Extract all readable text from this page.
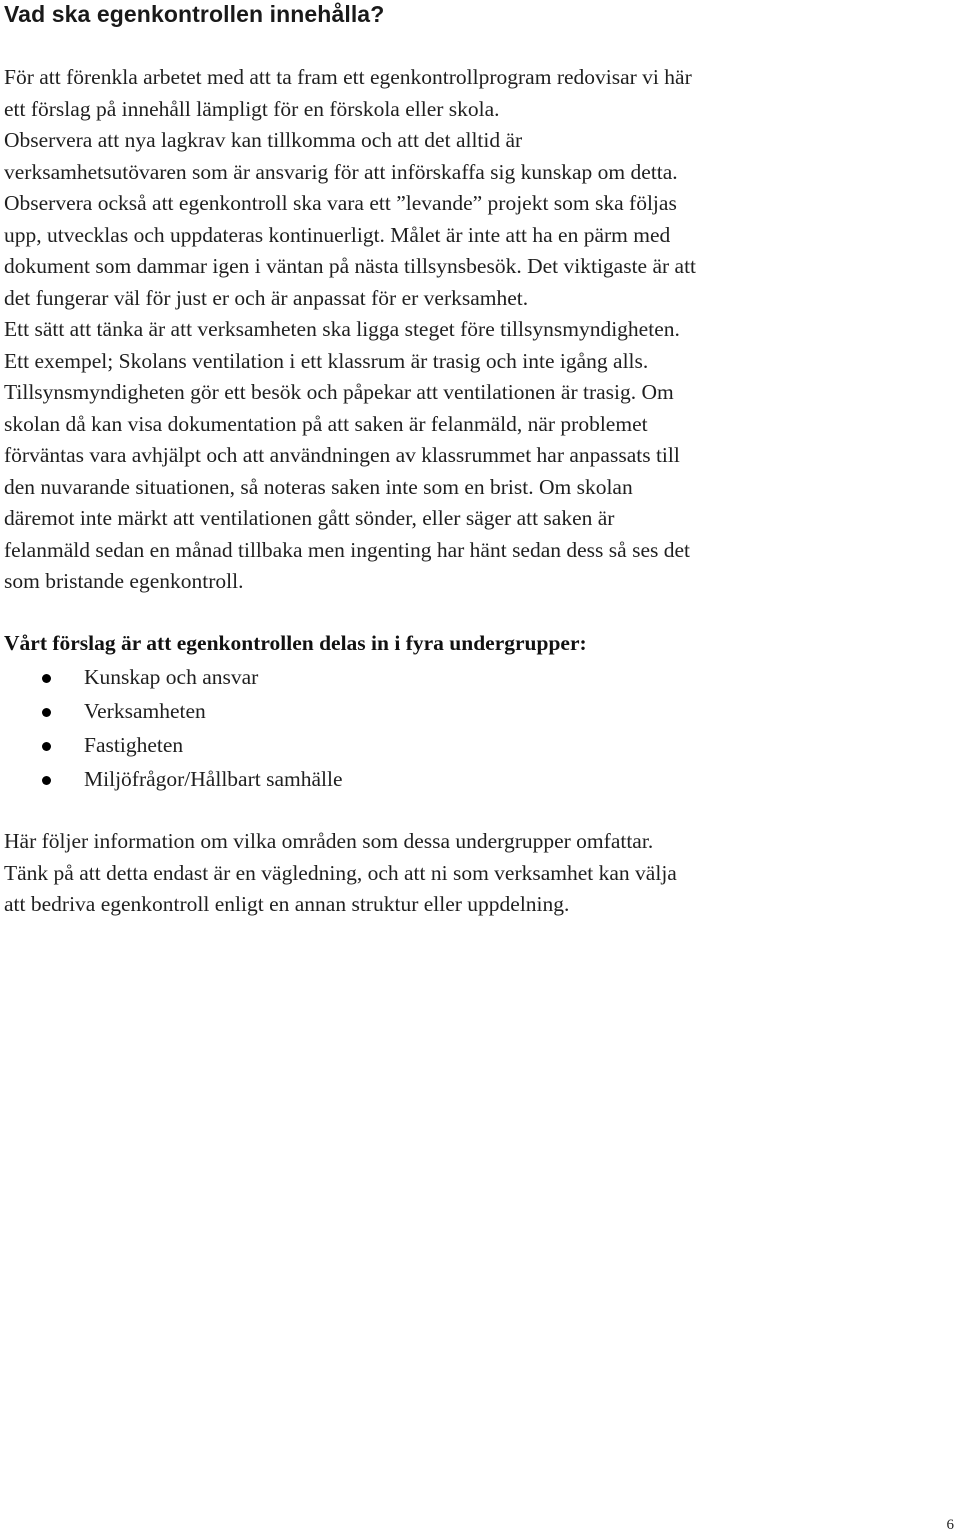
Vad ska egenkontrollen innehålla?
För att förenkla arbetet med att ta fram ett egenkontrollprogram redovisar vi här
ett förslag på innehåll lämpligt för en förskola eller skola.
Observera att nya lagkrav kan tillkomma och att det alltid är
verksamhetsutövaren som är ansvarig för att införskaffa sig kunskap om detta.
Observera också att egenkontroll ska vara ett ”levande” projekt som ska följas
upp, utvecklas och uppdateras kontinuerligt. Målet är inte att ha en pärm med
dokument som dammar igen i väntan på nästa tillsynsbesök. Det viktigaste är att
det fungerar väl för just er och är anpassat för er verksamhet.
Ett sätt att tänka är att verksamheten ska ligga steget före tillsynsmyndigheten.
Ett exempel; Skolans ventilation i ett klassrum är trasig och inte igång alls.
Tillsynsmyndigheten gör ett besök och påpekar att ventilationen är trasig. Om
skolan då kan visa dokumentation på att saken är felanmäld, när problemet
förväntas vara avhjälpt och att användningen av klassrummet har anpassats till
den nuvarande situationen, så noteras saken inte som en brist. Om skolan
däremot inte märkt att ventilationen gått sönder, eller säger att saken är
felanmäld sedan en månad tillbaka men ingenting har hänt sedan dess så ses det
som bristande egenkontroll.
Vårt förslag är att egenkontrollen delas in i fyra undergrupper:
Kunskap och ansvar
Verksamheten
Fastigheten
Miljöfrågor/Hållbart samhälle
Här följer information om vilka områden som dessa undergrupper omfattar.
Tänk på att detta endast är en vägledning, och att ni som verksamhet kan välja
att bedriva egenkontroll enligt en annan struktur eller uppdelning.
6
